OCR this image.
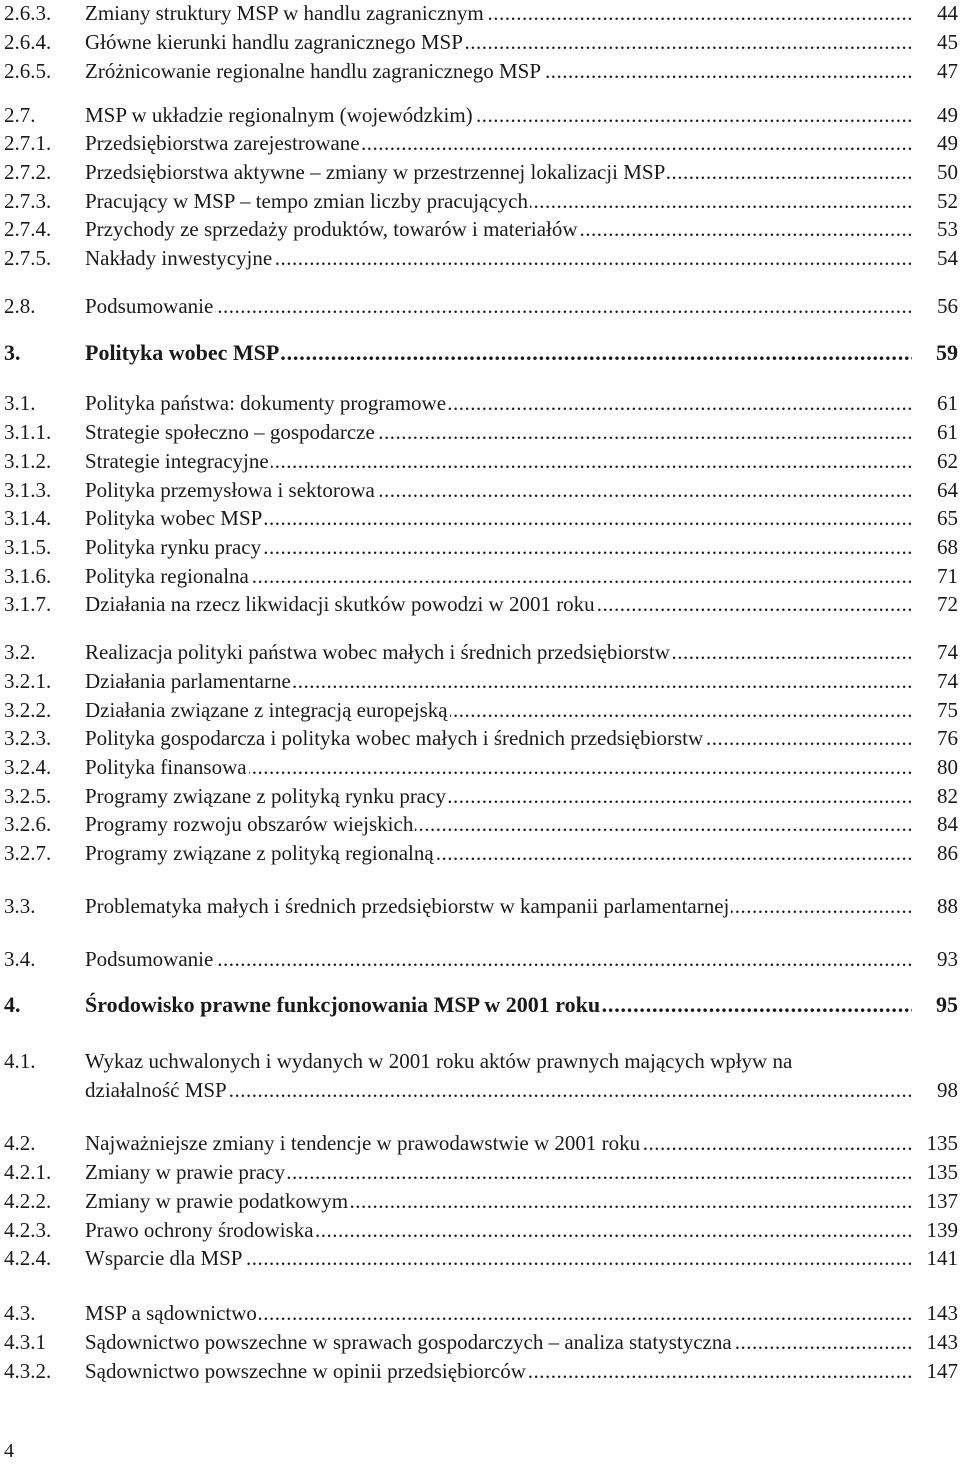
2.6.3. Zmiany struktury MSP w handlu zagranicznym .....	44
2.6.4. Główne kierunki handlu zagranicznego MSP .....	45
2.6.5. Zróżnicowanie regionalne handlu zagranicznego MSP .....	47
2.7. MSP w układzie regionalnym (wojewódzkim) .....	49
2.7.1. Przedsiębiorstwa zarejestrowane .....	49
2.7.2. Przedsiębiorstwa aktywne – zmiany w przestrzennej lokalizacji MSP .....	50
2.7.3. Pracujący w MSP – tempo zmian liczby pracujących .....	52
2.7.4. Przychody ze sprzedaży produktów, towarów i materiałów .....	53
2.7.5. Nakłady inwestycyjne .....	54
2.8. Podsumowanie .....	56
3.	Polityka wobec MSP .....	59
3.1. Polityka państwa: dokumenty programowe .....	61
3.1.1. Strategie społeczno – gospodarcze .....	61
3.1.2. Strategie integracyjne .....	62
3.1.3. Polityka przemysłowa i sektorowa .....	64
3.1.4. Polityka wobec MSP .....	65
3.1.5. Polityka rynku pracy .....	68
3.1.6. Polityka regionalna .....	71
3.1.7. Działania na rzecz likwidacji skutków powodzi w 2001 roku .....	72
3.2. Realizacja polityki państwa wobec małych i średnich przedsiębiorstw .....	74
3.2.1. Działania parlamentarne .....	74
3.2.2. Działania związane z integracją europejską .....	75
3.2.3. Polityka gospodarcza i polityka wobec małych i średnich przedsiębiorstw .....	76
3.2.4. Polityka finansowa .....	80
3.2.5. Programy związane z polityką rynku pracy .....	82
3.2.6. Programy rozwoju obszarów wiejskich .....	84
3.2.7. Programy związane z polityką regionalną .....	86
3.3. Problematyka małych i średnich przedsiębiorstw w kampanii parlamentarnej .....	88
3.4. Podsumowanie .....	93
4.	Środowisko prawne funkcjonowania MSP w 2001 roku .....	95
4.1. Wykaz uchwalonych i wydanych w 2001 roku aktów prawnych mających wpływ na
działalność MSP .....	98
4.2. Najważniejsze zmiany i tendencje w prawodawstwie w 2001 roku .....	135
4.2.1. Zmiany w prawie pracy .....	135
4.2.2. Zmiany w prawie podatkowym .....	137
4.2.3. Prawo ochrony środowiska .....	139
4.2.4. Wsparcie dla MSP .....	141
4.3. MSP a sądownictwo .....	143
4.3.1 Sądownictwo powszechne w sprawach gospodarczych – analiza statystyczna .....	143
4.3.2. Sądownictwo powszechne w opinii przedsiębiorców .....	147
4
